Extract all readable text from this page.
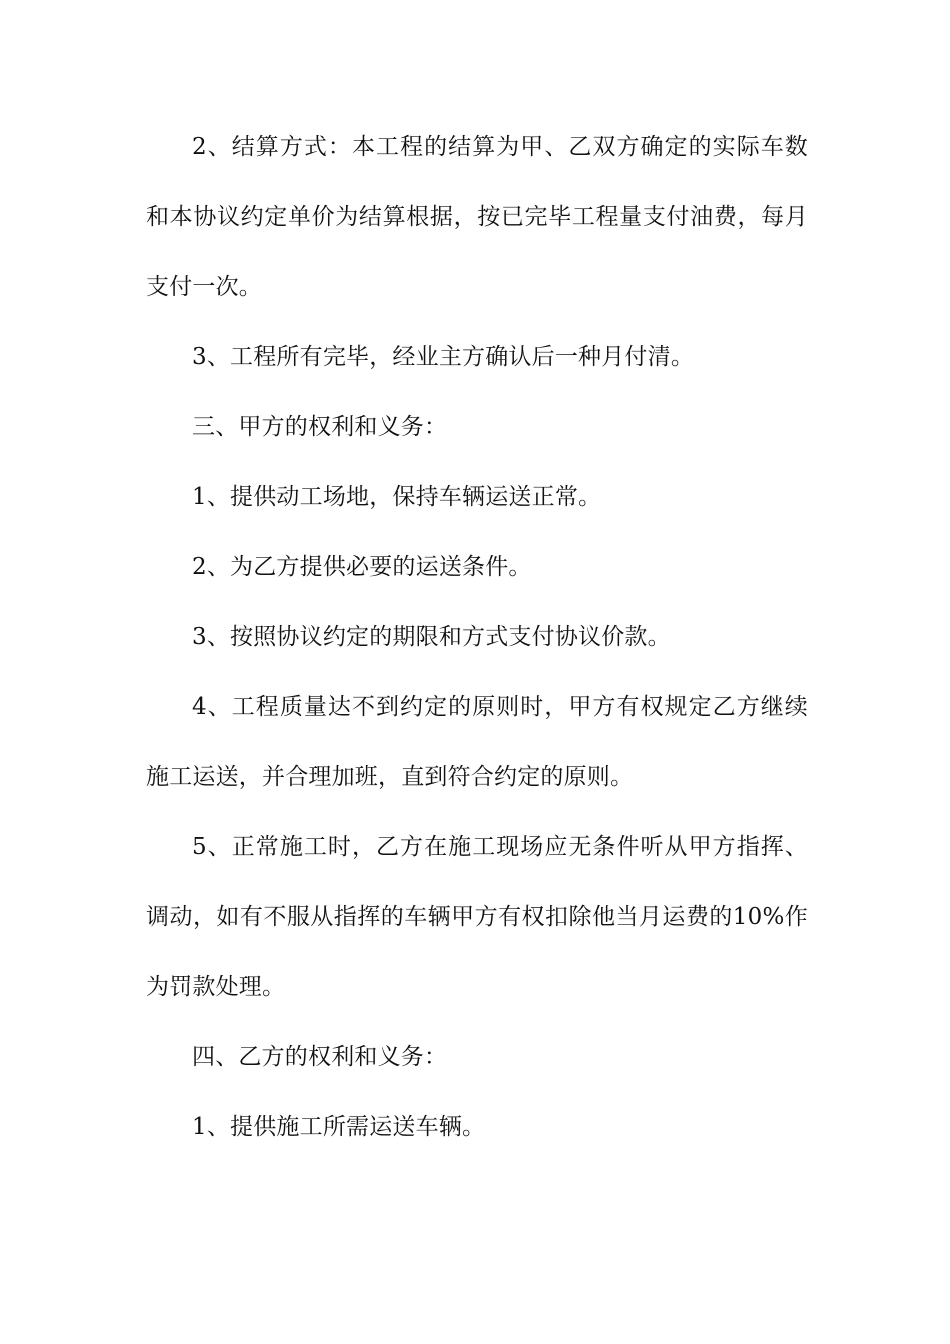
2、结算方式：本工程的结算为甲、乙双方确定的实际车数和本协议约定单价为结算根据，按已完毕工程量支付油费，每月支付一次。

3、工程所有完毕，经业主方确认后一种月付清。

三、甲方的权利和义务：

1、提供动工场地，保持车辆运送正常。

2、为乙方提供必要的运送条件。

3、按照协议约定的期限和方式支付协议价款。

4、工程质量达不到约定的原则时，甲方有权规定乙方继续施工运送，并合理加班，直到符合约定的原则。

5、正常施工时，乙方在施工现场应无条件听从甲方指挥、调动，如有不服从指挥的车辆甲方有权扣除他当月运费的10%作为罚款处理。

四、乙方的权利和义务：

1、提供施工所需运送车辆。
